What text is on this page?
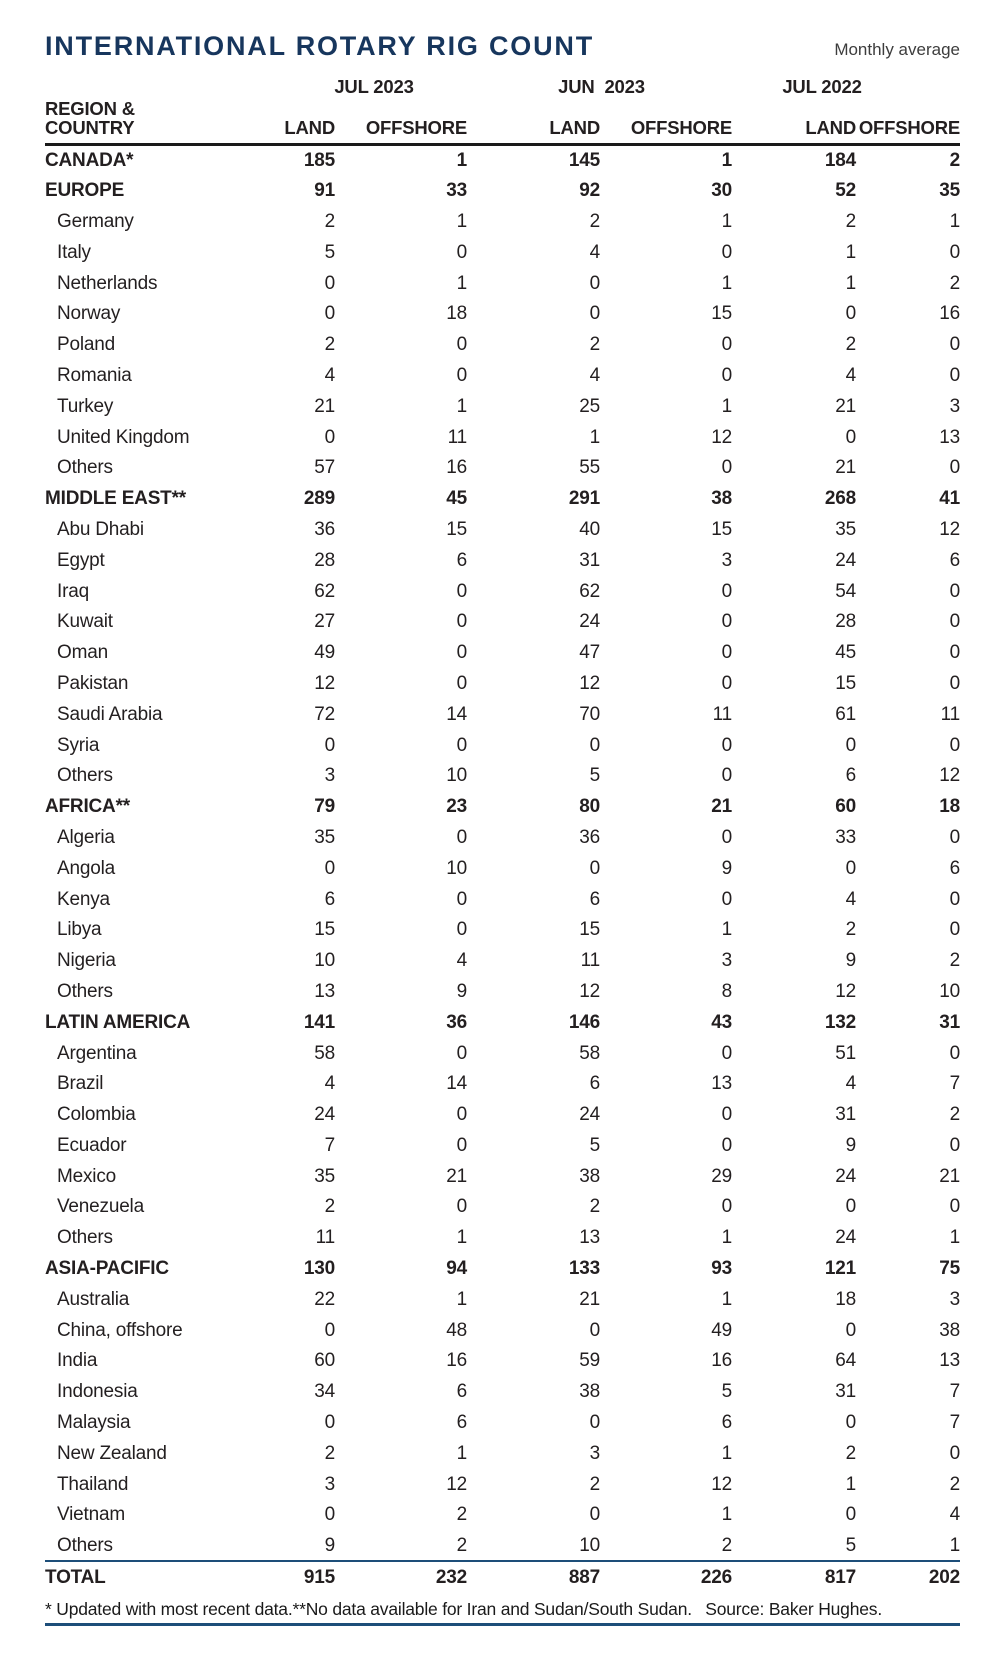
INTERNATIONAL ROTARY RIG COUNT	Monthly average
	JUL 2023	JUN  2023	JUL 2022
REGION & COUNTRY	LAND	OFFSHORE	LAND	OFFSHORE	LAND	OFFSHORE
CANADA*	185	1	145	1	184	2
EUROPE	91	33	92	30	52	35
Germany	2	1	2	1	2	1
Italy	5	0	4	0	1	0
Netherlands	0	1	0	1	1	2
Norway	0	18	0	15	0	16
Poland	2	0	2	0	2	0
Romania	4	0	4	0	4	0
Turkey	21	1	25	1	21	3
United Kingdom	0	11	1	12	0	13
Others	57	16	55	0	21	0
MIDDLE EAST**	289	45	291	38	268	41
Abu Dhabi	36	15	40	15	35	12
Egypt	28	6	31	3	24	6
Iraq	62	0	62	0	54	0
Kuwait	27	0	24	0	28	0
Oman	49	0	47	0	45	0
Pakistan	12	0	12	0	15	0
Saudi Arabia	72	14	70	11	61	11
Syria	0	0	0	0	0	0
Others	3	10	5	0	6	12
AFRICA**	79	23	80	21	60	18
Algeria	35	0	36	0	33	0
Angola	0	10	0	9	0	6
Kenya	6	0	6	0	4	0
Libya	15	0	15	1	2	0
Nigeria	10	4	11	3	9	2
Others	13	9	12	8	12	10
LATIN AMERICA	141	36	146	43	132	31
Argentina	58	0	58	0	51	0
Brazil	4	14	6	13	4	7
Colombia	24	0	24	0	31	2
Ecuador	7	0	5	0	9	0
Mexico	35	21	38	29	24	21
Venezuela	2	0	2	0	0	0
Others	11	1	13	1	24	1
ASIA-PACIFIC	130	94	133	93	121	75
Australia	22	1	21	1	18	3
China, offshore	0	48	0	49	0	38
India	60	16	59	16	64	13
Indonesia	34	6	38	5	31	7
Malaysia	0	6	0	6	0	7
New Zealand	2	1	3	1	2	0
Thailand	3	12	2	12	1	2
Vietnam	0	2	0	1	0	4
Others	9	2	10	2	5	1
TOTAL	915	232	887	226	817	202
* Updated with most recent data.**No data available for Iran and Sudan/South Sudan. Source: Baker Hughes.
